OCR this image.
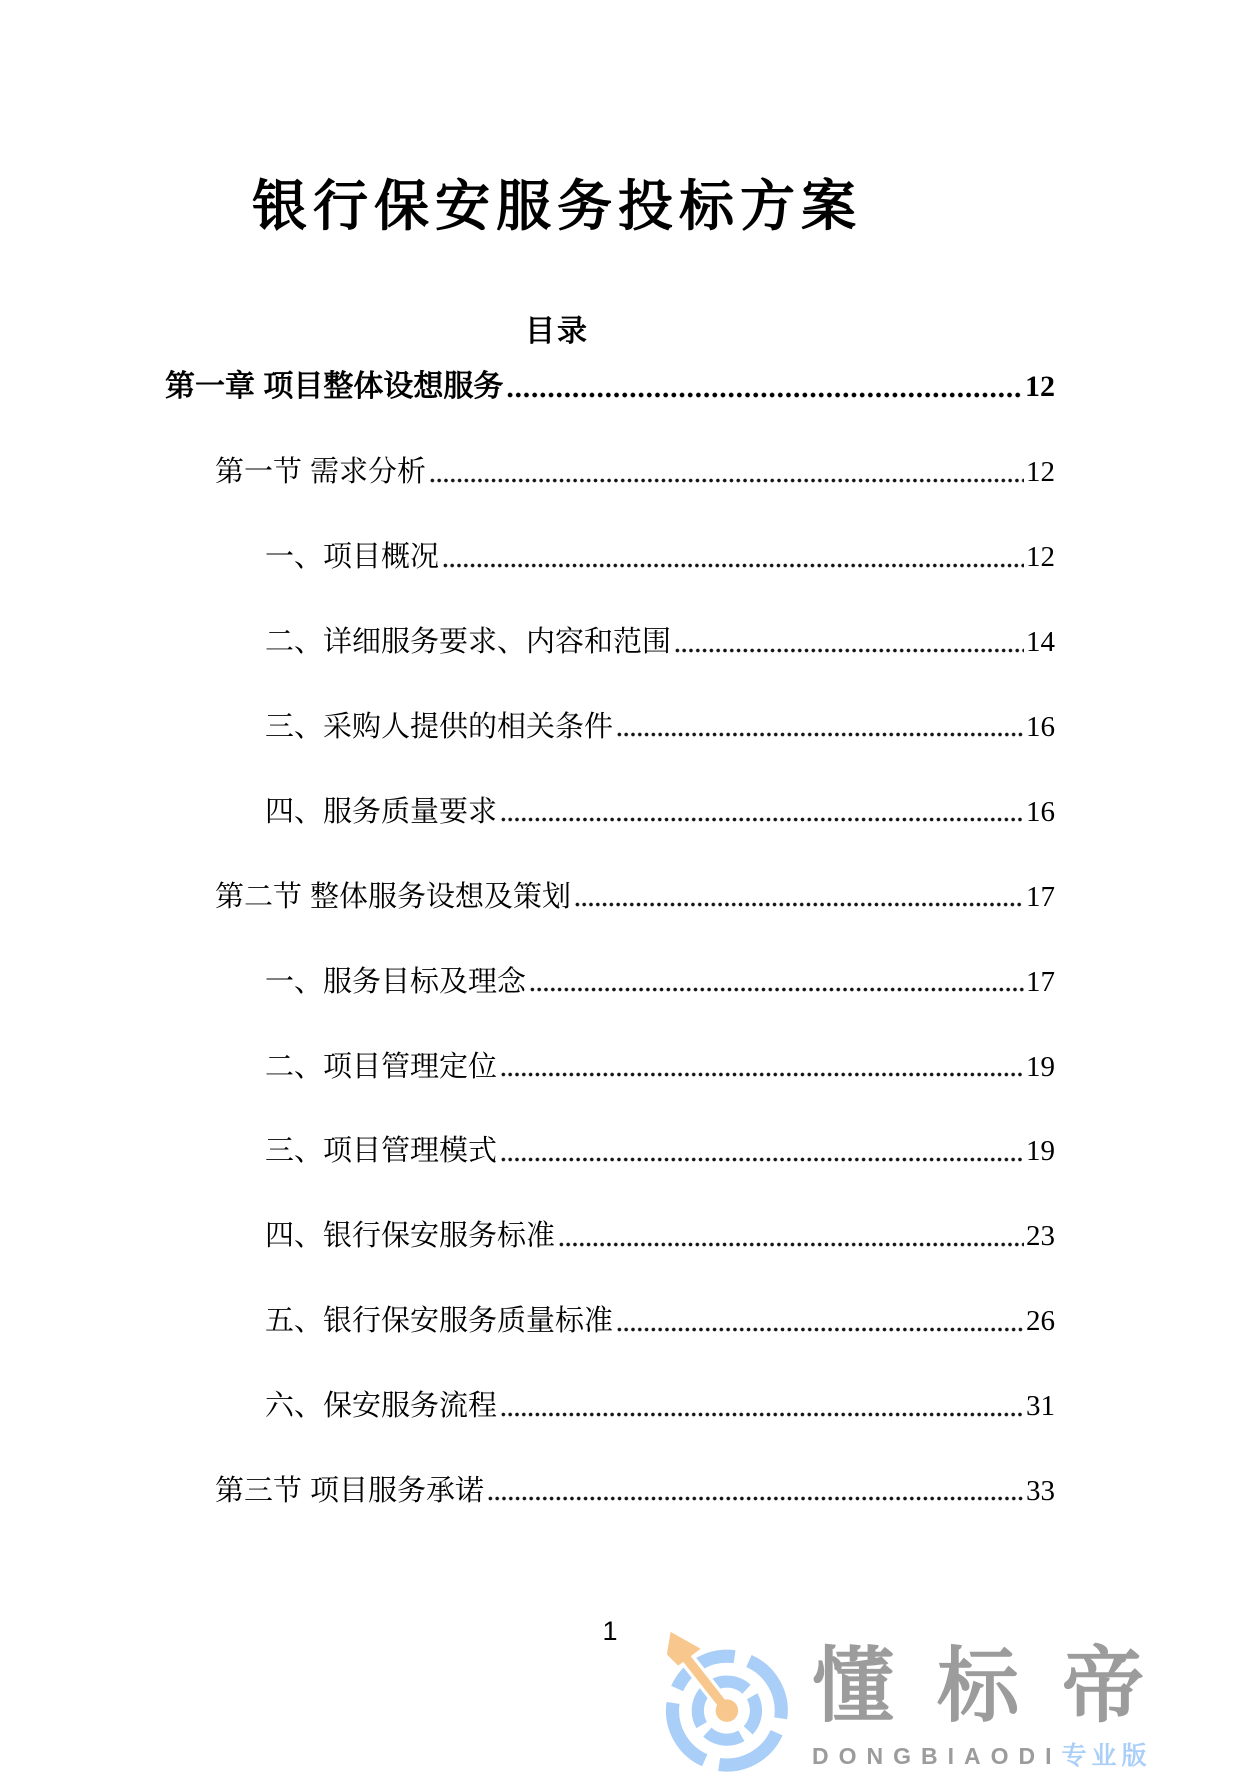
银行保安服务投标方案
目录
第一章 项目整体设想服务	12
第一节 需求分析	12
一、项目概况	12
二、详细服务要求、内容和范围	14
三、采购人提供的相关条件	16
四、服务质量要求	16
第二节 整体服务设想及策划	17
一、服务目标及理念	17
二、项目管理定位	19
三、项目管理模式	19
四、银行保安服务标准	23
五、银行保安服务质量标准	26
六、保安服务流程	31
第三节 项目服务承诺	33
1
懂标帝
DONGBIAODI 专业版
